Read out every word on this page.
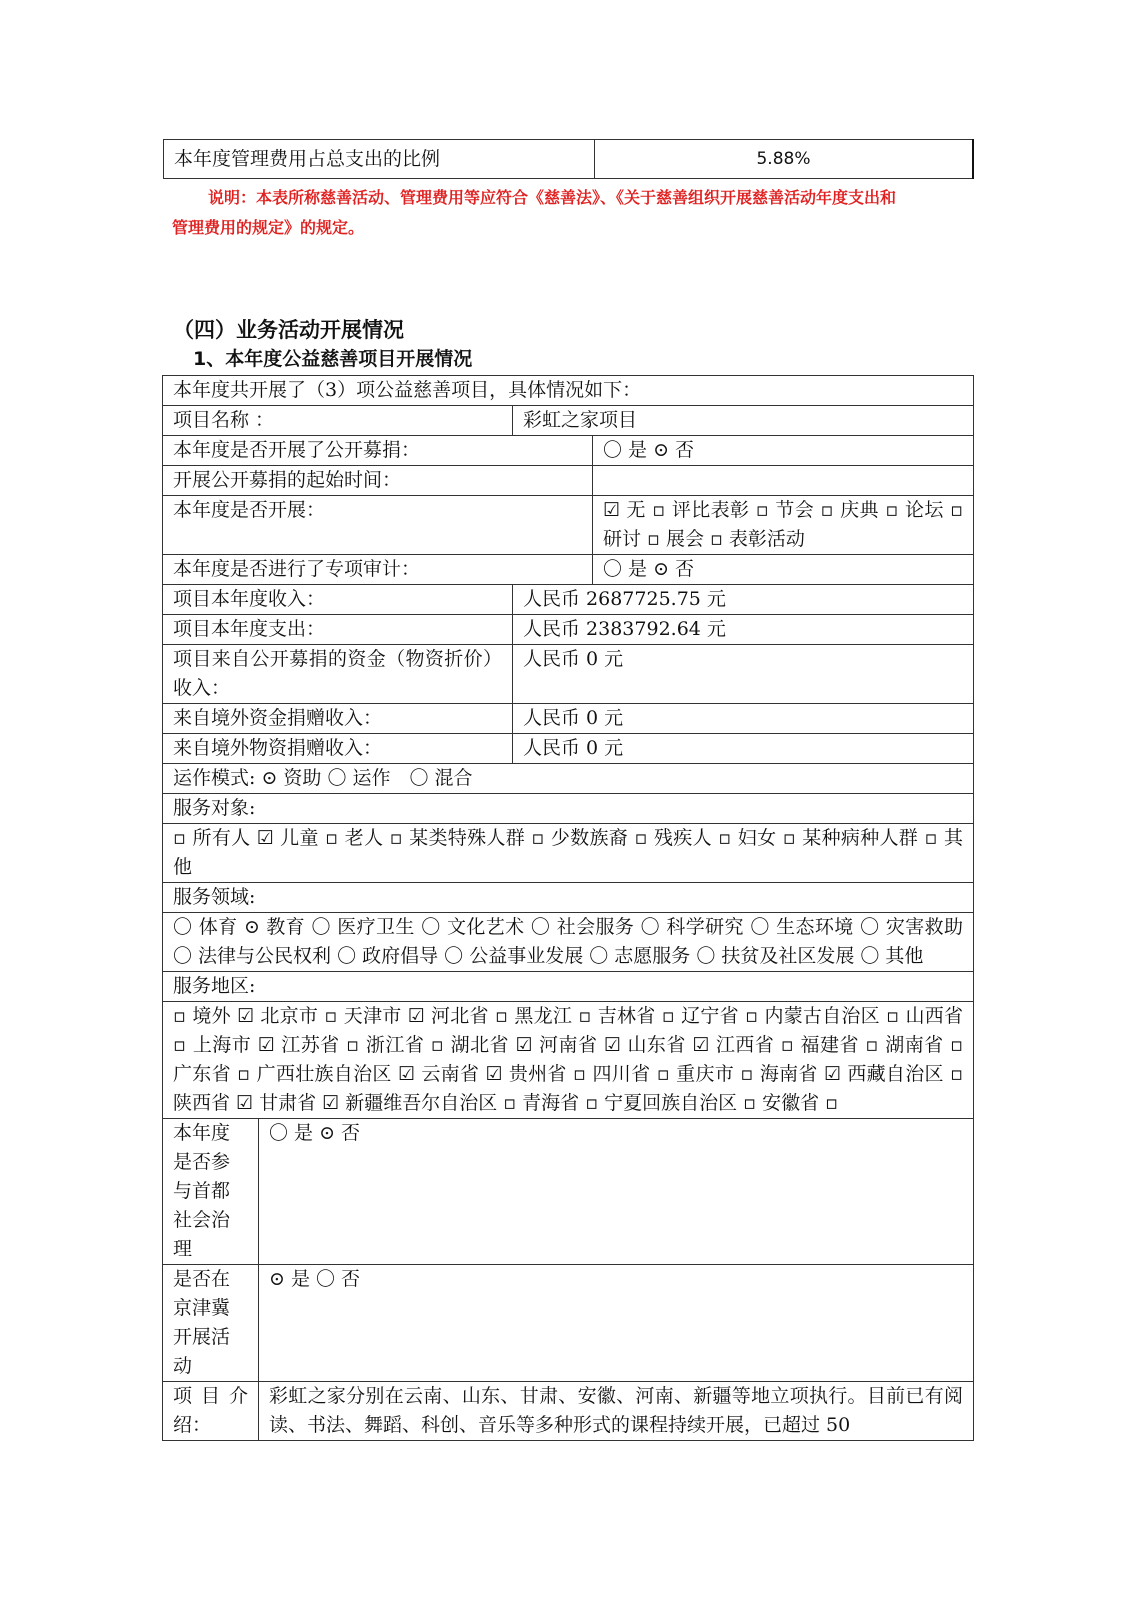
本年度管理费用占总支出的比例	5.88%
说明：本表所称慈善活动、管理费用等应符合《慈善法》、《关于慈善组织开展慈善活动年度支出和
管理费用的规定》的规定。
（四）业务活动开展情况
1、本年度公益慈善项目开展情况
本年度共开展了（3）项公益慈善项目，具体情况如下：			
项目名称 ：		彩虹之家项目	
本年度是否开展了公开募捐：			〇 是 ⊙ 否
开展公开募捐的起始时间：			
本年度是否开展：			☑ 无 ▫ 评比表彰 ▫ 节会 ▫ 庆典 ▫ 论坛 ▫ 研讨 ▫ 展会 ▫ 表彰活动
本年度是否进行了专项审计：			〇 是 ⊙ 否
项目本年度收入：		人民币 2687725.75 元	
项目本年度支出：		人民币 2383792.64 元	
项目来自公开募捐的资金（物资折价）收入：		人民币 0 元	
来自境外资金捐赠收入：		人民币 0 元	
来自境外物资捐赠收入：		人民币 0 元	
运作模式: ⊙ 资助 〇 运作　〇 混合			
服务对象:			
▫ 所有人 ☑ 儿童 ▫ 老人 ▫ 某类特殊人群 ▫ 少数族裔 ▫ 残疾人 ▫ 妇女 ▫ 某种病种人群 ▫ 其他			
服务领域:			
〇 体育 ⊙ 教育 〇 医疗卫生 〇 文化艺术 〇 社会服务 〇 科学研究 〇 生态环境 〇 灾害救助 〇 法律与公民权利 〇 政府倡导 〇 公益事业发展 〇 志愿服务 〇 扶贫及社区发展 〇 其他			
服务地区:			
▫ 境外 ☑ 北京市 ▫ 天津市 ☑ 河北省 ▫ 黑龙江 ▫ 吉林省 ▫ 辽宁省 ▫ 内蒙古自治区 ▫ 山西省 ▫ 上海市 ☑ 江苏省 ▫ 浙江省 ▫ 湖北省 ☑ 河南省 ☑ 山东省 ☑ 江西省 ▫ 福建省 ▫ 湖南省 ▫ 广东省 ▫ 广西壮族自治区 ☑ 云南省 ☑ 贵州省 ▫ 四川省 ▫ 重庆市 ▫ 海南省 ☑ 西藏自治区 ▫ 陕西省 ☑ 甘肃省 ☑ 新疆维吾尔自治区 ▫ 青海省 ▫ 宁夏回族自治区 ▫ 安徽省 ▫			
本年度是否参与首都社会治理	〇 是 ⊙ 否		
是否在京津冀开展活动	⊙ 是 〇 否		
项 目 介 绍：	彩虹之家分别在云南、山东、甘肃、安徽、河南、新疆等地立项执行。目前已有阅读、书法、舞蹈、科创、音乐等多种形式的课程持续开展，已超过 50		
